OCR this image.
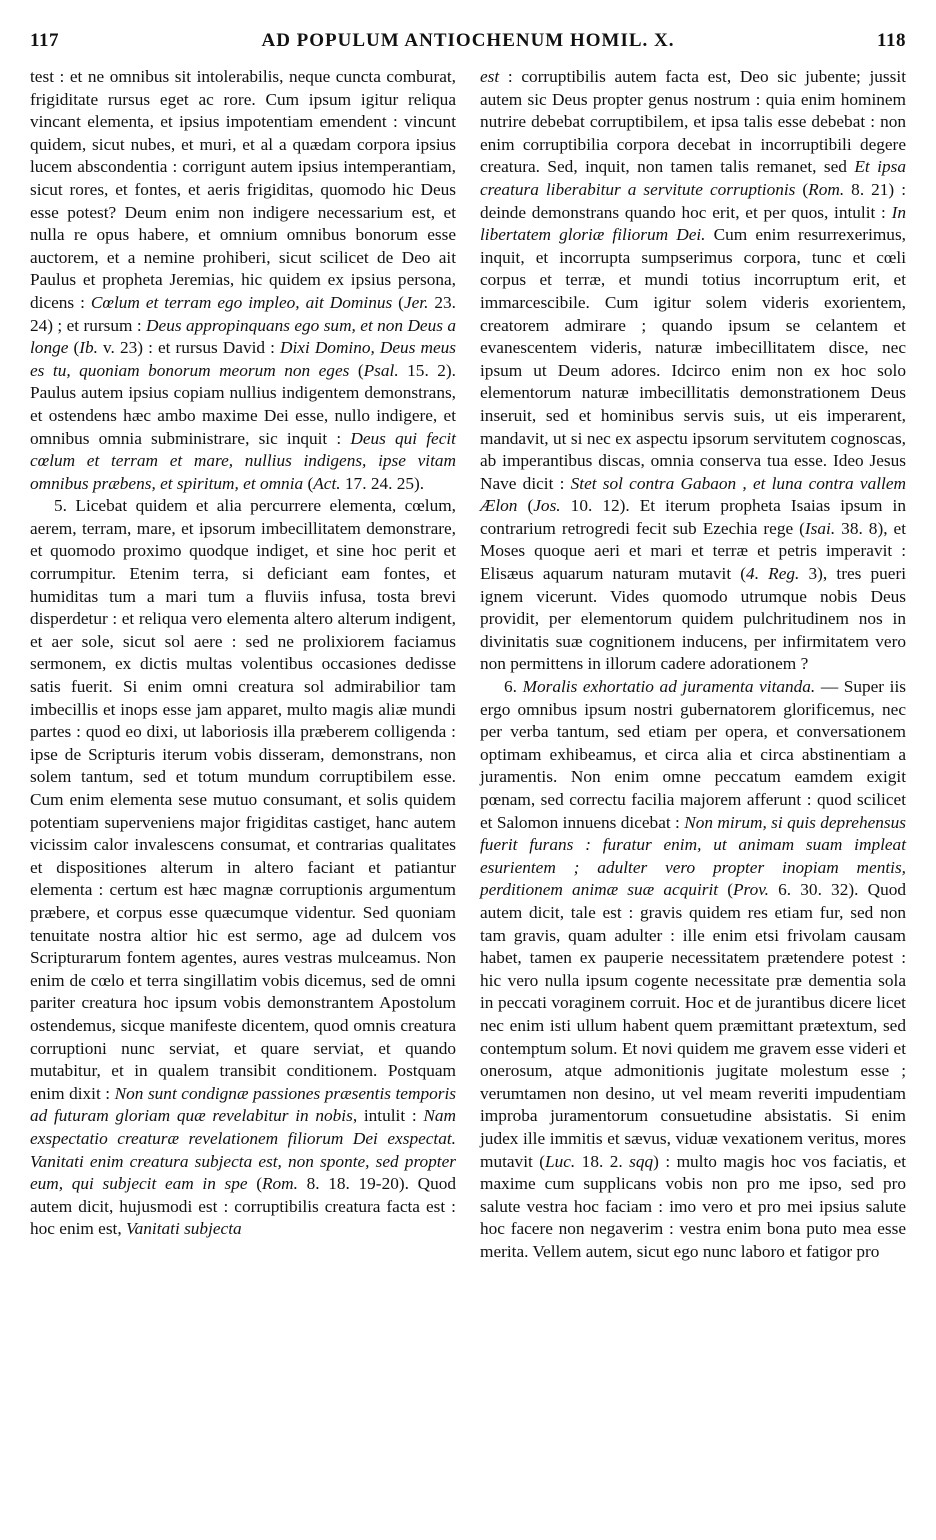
117	AD POPULUM ANTIOCHENUM HOMIL. X.	118

test : et ne omnibus sit intolerabilis, neque cuncta comburat, frigiditate rursus eget ac rore. Cum ipsum igitur reliqua vincant elementa, et ipsius impotentiam emendent : vincunt quidem, sicut nubes, et muri, et al a quædam corpora ipsius lucem abscondentia : corrigunt autem ipsius intemperantiam, sicut rores, et fontes, et aeris frigiditas, quomodo hic Deus esse potest? Deum enim non indigere necessarium est, et nulla re opus habere, et omnium omnibus bonorum esse auctorem, et a nemine prohiberi, sicut scilicet de Deo ait Paulus et propheta Jeremias, hic quidem ex ipsius persona, dicens : Cœlum et terram ego impleo, ait Dominus (Jer. 23. 24) ; et rursum : Deus appropinquans ego sum, et non Deus a longe (Ib. v. 23) : et rursus David : Dixi Domino, Deus meus es tu, quoniam bonorum meorum non eges (Psal. 15. 2). Paulus autem ipsius copiam nullius indigentem demonstrans, et ostendens hæc ambo maxime Dei esse, nullo indigere, et omnibus omnia subministrare, sic inquit : Deus qui fecit cœlum et terram et mare, nullius indigens, ipse vitam omnibus præbens, et spiritum, et omnia (Act. 17. 24. 25).

5. Licebat quidem et alia percurrere elementa, cœlum, aerem, terram, mare, et ipsorum imbecillitatem demonstrare, et quomodo proximo quodque indiget, et sine hoc perit et corrumpitur. Etenim terra, si deficiant eam fontes, et humiditas tum a mari tum a fluviis infusa, tosta brevi disperdetur : et reliqua vero elementa altero alterum indigent, et aer sole, sicut sol aere : sed ne prolixiorem faciamus sermonem, ex dictis multas volentibus occasiones dedisse satis fuerit. Si enim omni creatura sol admirabilior tam imbecillis et inops esse jam apparet, multo magis aliæ mundi partes : quod eo dixi, ut laboriosis illa præberem colligenda : ipse de Scripturis iterum vobis disseram, demonstrans, non solem tantum, sed et totum mundum corruptibilem esse. Cum enim elementa sese mutuo consumant, et solis quidem potentiam superveniens major frigiditas castiget, hanc autem vicissim calor invalescens consumat, et contrarias qualitates et dispositiones alterum in altero faciant et patiantur elementa : certum est hæc magnæ corruptionis argumentum præbere, et corpus esse quæcumque videntur. Sed quoniam tenuitate nostra altior hic est sermo, age ad dulcem vos Scripturarum fontem agentes, aures vestras mulceamus. Non enim de cœlo et terra singillatim vobis dicemus, sed de omni pariter creatura hoc ipsum vobis demonstrantem Apostolum ostendemus, sicque manifeste dicentem, quod omnis creatura corruptioni nunc serviat, et quare serviat, et quando mutabitur, et in qualem transibit conditionem. Postquam enim dixit : Non sunt condignæ passiones præsentis temporis ad futuram gloriam quæ revelabitur in nobis, intulit : Nam exspectatio creaturæ revelationem filiorum Dei exspectat. Vanitati enim creatura subjecta est, non sponte, sed propter eum, qui subjecit eam in spe (Rom. 8. 18. 19-20). Quod autem dicit, hujusmodi est : corruptibilis creatura facta est : hoc enim est, Vanitati subjecta

est : corruptibilis autem facta est, Deo sic jubente; jussit autem sic Deus propter genus nostrum : quia enim hominem nutrire debebat corruptibilem, et ipsa talis esse debebat : non enim corruptibilia corpora decebat in incorruptibili degere creatura. Sed, inquit, non tamen talis remanet, sed Et ipsa creatura liberabitur a servitute corruptionis (Rom. 8. 21) : deinde demonstrans quando hoc erit, et per quos, intulit : In libertatem gloriæ filiorum Dei. Cum enim resurrexerimus, inquit, et incorrupta sumpserimus corpora, tunc et cœli corpus et terræ, et mundi totius incorruptum erit, et immarcescibile. Cum igitur solem videris exorientem, creatorem admirare ; quando ipsum se celantem et evanescentem videris, naturæ imbecillitatem disce, nec ipsum ut Deum adores. Idcirco enim non ex hoc solo elementorum naturæ imbecillitatis demonstrationem Deus inseruit, sed et hominibus servis suis, ut eis imperarent, mandavit, ut si nec ex aspectu ipsorum servitutem cognoscas, ab imperantibus discas, omnia conserva tua esse. Ideo Jesus Nave dicit : Stet sol contra Gabaon , et luna contra vallem Ælon (Jos. 10. 12). Et iterum propheta Isaias ipsum in contrarium retrogredi fecit sub Ezechia rege (Isai. 38. 8), et Moses quoque aeri et mari et terræ et petris imperavit : Elisæus aquarum naturam mutavit (4. Reg. 3), tres pueri ignem vicerunt. Vides quomodo utrumque nobis Deus providit, per elementorum quidem pulchritudinem nos in divinitatis suæ cognitionem inducens, per infirmitatem vero non permittens in illorum cadere adorationem ?

6. Moralis exhortatio ad juramenta vitanda. — Super iis ergo omnibus ipsum nostri gubernatorem glorificemus, nec per verba tantum, sed etiam per opera, et conversationem optimam exhibeamus, et circa alia et circa abstinentiam a juramentis. Non enim omne peccatum eamdem exigit pœnam, sed correctu facilia majorem afferunt : quod scilicet et Salomon innuens dicebat : Non mirum, si quis deprehensus fuerit furans : furatur enim, ut animam suam impleat esurientem ; adulter vero propter inopiam mentis, perditionem animæ suæ acquirit (Prov. 6. 30. 32). Quod autem dicit, tale est : gravis quidem res etiam fur, sed non tam gravis, quam adulter : ille enim etsi frivolam causam habet, tamen ex pauperie necessitatem prætendere potest : hic vero nulla ipsum cogente necessitate præ dementia sola in peccati voraginem corruit. Hoc et de jurantibus dicere licet nec enim isti ullum habent quem præmittant prætextum, sed contemptum solum. Et novi quidem me gravem esse videri et onerosum, atque admonitionis jugitate molestum esse ; verumtamen non desino, ut vel meam reveriti impudentiam improba juramentorum consuetudine absistatis. Si enim judex ille immitis et sævus, viduæ vexationem veritus, mores mutavit (Luc. 18. 2. sqq) : multo magis hoc vos faciatis, et maxime cum supplicans vobis non pro me ipso, sed pro salute vestra hoc faciam : imo vero et pro mei ipsius salute hoc facere non negaverim : vestra enim bona puto mea esse merita. Vellem autem, sicut ego nunc laboro et fatigor pro
